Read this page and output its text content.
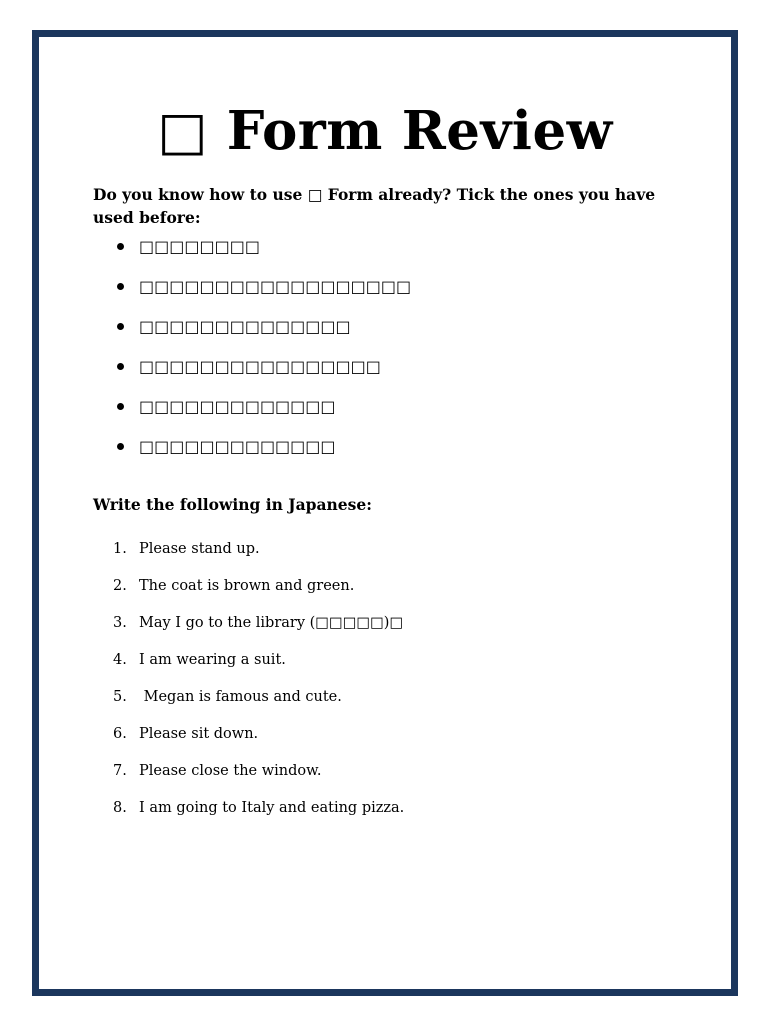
□ Form Review
Do you know how to use □ Form already? Tick the ones you have used before:
□□□□□□□□
□□□□□□□□□□□□□□□□□□
□□□□□□□□□□□□□□
□□□□□□□□□□□□□□□□
□□□□□□□□□□□□□
□□□□□□□□□□□□□
Write the following in Japanese:
1. Please stand up.
2. The coat is brown and green.
3. May I go to the library (□□□□□)□
4. I am wearing a suit.
5. Megan is famous and cute.
6. Please sit down.
7. Please close the window.
8. I am going to Italy and eating pizza.
